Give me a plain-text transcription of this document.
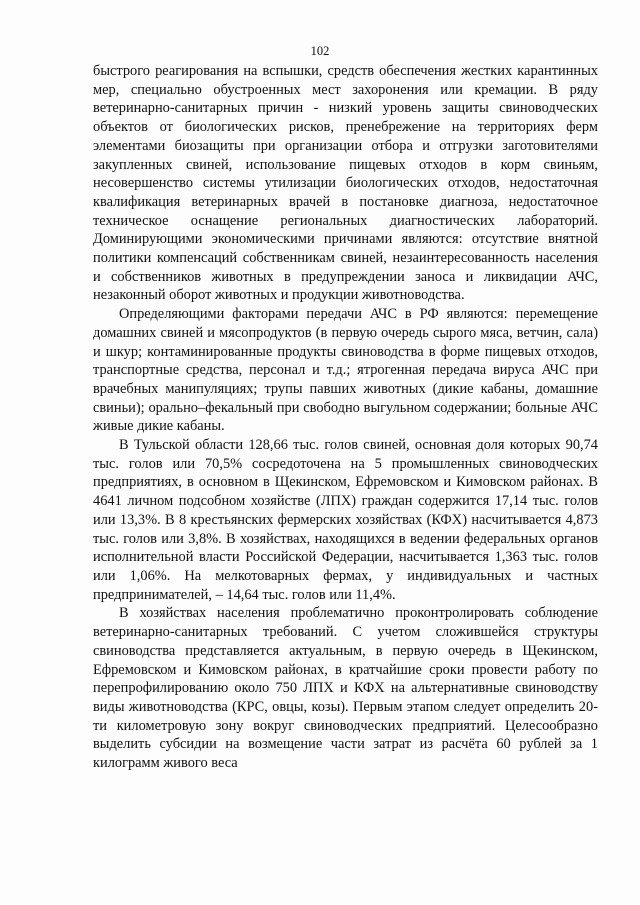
102

быстрого реагирования на вспышки, средств обеспечения жестких карантинных мер, специально обустроенных мест захоронения или кремации. В ряду ветеринарно-санитарных причин - низкий уровень защиты свиноводческих объектов от биологических рисков, пренебрежение на территориях ферм элементами биозащиты при организации отбора и отгрузки заготовителями закупленных свиней, использование пищевых отходов в корм свиньям, несовершенство системы утилизации биологических отходов, недостаточная квалификация ветеринарных врачей в постановке диагноза, недостаточное техническое оснащение региональных диагностических лабораторий. Доминирующими экономическими причинами являются: отсутствие внятной политики компенсаций собственникам свиней, незаинтересованность населения и собственников животных в предупреждении заноса и ликвидации АЧС, незаконный оборот животных и продукции животноводства.

Определяющими факторами передачи АЧС в РФ являются: перемещение домашних свиней и мясопродуктов (в первую очередь сырого мяса, ветчин, сала) и шкур; контаминированные продукты свиноводства в форме пищевых отходов, транспортные средства, персонал и т.д.; ятрогенная передача вируса АЧС при врачебных манипуляциях; трупы павших животных (дикие кабаны, домашние свиньи); орально–фекальный при свободно выгульном содержании; больные АЧС живые дикие кабаны.

В Тульской области 128,66 тыс. голов свиней, основная доля которых 90,74 тыс. голов или 70,5% сосредоточена на 5 промышленных свиноводческих предприятиях, в основном в Щекинском, Ефремовском и Кимовском районах. В 4641 личном подсобном хозяйстве (ЛПХ) граждан содержится 17,14 тыс. голов или 13,3%. В 8 крестьянских фермерских хозяйствах (КФХ) насчитывается 4,873 тыс. голов или 3,8%. В хозяйствах, находящихся в ведении федеральных органов исполнительной власти Российской Федерации, насчитывается 1,363 тыс. голов или 1,06%. На мелкотоварных фермах, у индивидуальных и частных предпринимателей, – 14,64 тыс. голов или 11,4%.

В хозяйствах населения проблематично проконтролировать соблюдение ветеринарно-санитарных требований. С учетом сложившейся структуры свиноводства представляется актуальным, в первую очередь в Щекинском, Ефремовском и Кимовском районах, в кратчайшие сроки провести работу по перепрофилированию около 750 ЛПХ и КФХ на альтернативные свиноводству виды животноводства (КРС, овцы, козы). Первым этапом следует определить 20-ти километровую зону вокруг свиноводческих предприятий. Целесообразно выделить субсидии на возмещение части затрат из расчёта 60 рублей за 1 килограмм живого веса
